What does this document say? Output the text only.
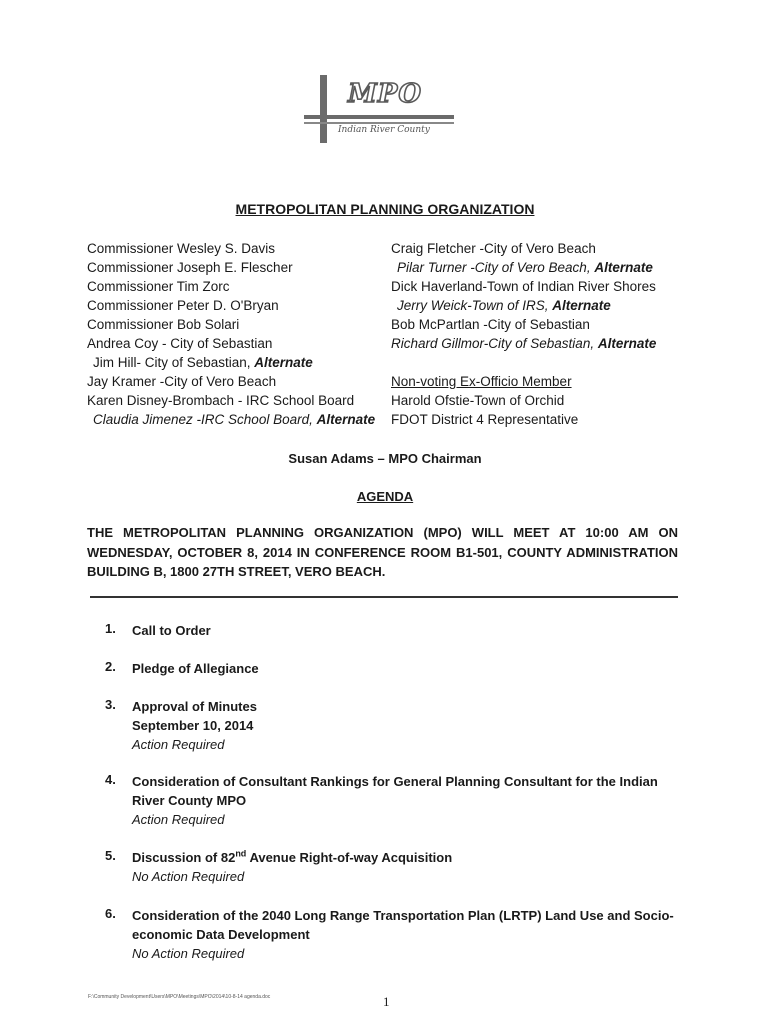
MPO
Indian River County
METROPOLITAN PLANNING ORGANIZATION
Commissioner Wesley S. Davis
Commissioner Joseph E. Flescher
Commissioner Tim Zorc
Commissioner Peter D. O'Bryan
Commissioner Bob Solari
Andrea Coy - City of Sebastian
Jim Hill- City of Sebastian, Alternate
Jay Kramer -City of Vero Beach
Karen Disney-Brombach - IRC School Board
Claudia Jimenez -IRC School Board, Alternate
Craig Fletcher -City of Vero Beach
Pilar Turner -City of Vero Beach, Alternate
Dick Haverland-Town of Indian River Shores
Jerry Weick-Town of IRS, Alternate
Bob McPartlan -City of Sebastian
Richard Gillmor-City of Sebastian, Alternate

Non-voting Ex-Officio Member
Harold Ofstie-Town of Orchid
FDOT District 4 Representative
Susan Adams – MPO Chairman
AGENDA
THE METROPOLITAN PLANNING ORGANIZATION (MPO) WILL MEET AT 10:00 AM ON WEDNESDAY, OCTOBER 8, 2014 IN CONFERENCE ROOM B1-501, COUNTY ADMINISTRATION BUILDING B, 1800 27TH STREET, VERO BEACH.
1. Call to Order
2. Pledge of Allegiance
3. Approval of Minutes
September 10, 2014
Action Required
4. Consideration of Consultant Rankings for General Planning Consultant for the Indian River County MPO
Action Required
5. Discussion of 82nd Avenue Right-of-way Acquisition
No Action Required
6. Consideration of the 2040 Long Range Transportation Plan (LRTP) Land Use and Socio-economic Data Development
No Action Required
F:\Community Development\Users\MPO\Meetings\MPO\2014\10-8-14 agenda.doc	1
